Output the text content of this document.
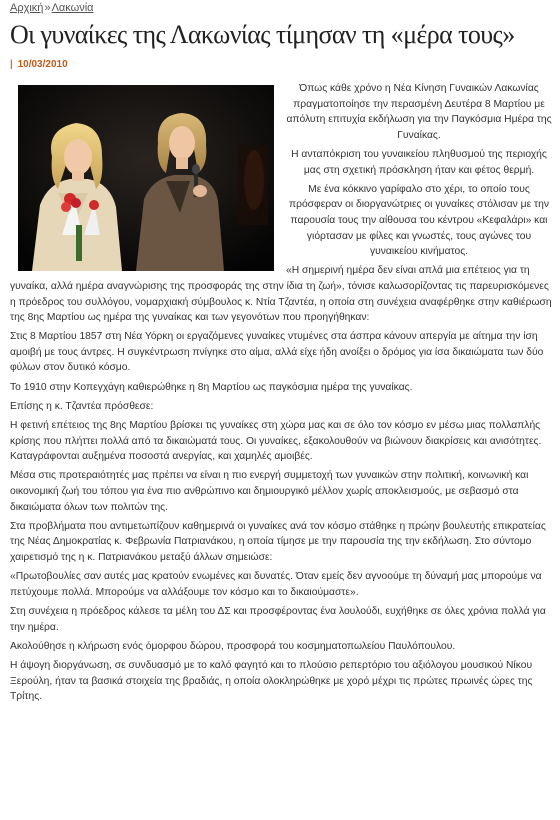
Αρχική»Λακωνία
Οι γυναίκες της Λακωνίας τίμησαν τη «μέρα τους»
| 10/03/2010

Όπως κάθε χρόνο η Νέα Κίνηση Γυναικών Λακωνίας πραγματοποίησε την περασμένη Δευτέρα 8 Μαρτίου με απόλυτη επιτυχία εκδήλωση για την Παγκόσμια Ημέρα της Γυναίκας.

Η ανταπόκριση του γυναικείου πληθυσμού της περιοχής μας στη σχετική πρόσκληση ήταν και φέτος θερμή.

Με ένα κόκκινο γαρίφαλο στο χέρι, το οποίο τους πρόσφεραν οι διοργανώτριες οι γυναίκες στόλισαν με την παρουσία τους την αίθουσα του κέντρου «Κεφαλάρι» και γιόρτασαν με φίλες και γνωστές, τους αγώνες του γυναικείου κινήματος.

«Η σημερινή ημέρα δεν είναι απλά μια επέτειος για τη γυναίκα, αλλά ημέρα αναγνώρισης της προσφοράς της στην ίδια τη ζωή», τόνισε καλωσορίζοντας τις παρευρισκόμενες η πρόεδρος του συλλόγου, νομαρχιακή σύμβουλος κ. Ντία Τζαντέα, η οποία στη συνέχεια αναφέρθηκε στην καθιέρωση της 8ης Μαρτίου ως ημέρα της γυναίκας και των γεγονότων που προηγήθηκαν:

Στις 8 Μαρτίου 1857 στη Νέα Υόρκη οι εργαζόμενες γυναίκες ντυμένες στα άσπρα κάνουν απεργία με αίτημα την ίση αμοιβή με τους άντρες. Η συγκέντρωση πνίγηκε στο αίμα, αλλά είχε ήδη ανοίξει ο δρόμος για ίσα δικαιώματα των δύο φύλων στον δυτικό κόσμο.

Το 1910 στην Κοπεγχάγη καθιερώθηκε η 8η Μαρτίου ως παγκόσμια ημέρα της γυναίκας.

Επίσης η κ. Τζαντέα πρόσθεσε:

Η φετινή επέτειος της 8ης Μαρτίου βρίσκει τις γυναίκες στη χώρα μας και σε όλο τον κόσμο εν μέσω μιας πολλαπλής κρίσης που πλήττει πολλά από τα δικαιώματά τους. Οι γυναίκες, εξακολουθούν να βιώνουν διακρίσεις και ανισότητες. Καταγράφονται αυξημένα ποσοστά ανεργίας, και χαμηλές αμοιβές.

Μέσα στις προτεραιότητές μας πρέπει να είναι η πιο ενεργή συμμετοχή των γυναικών στην πολιτική, κοινωνική και οικονομική ζωή του τόπου για ένα πιο ανθρώπινο και δημιουργικό μέλλον χωρίς αποκλεισμούς, με σεβασμό στα δικαιώματα όλων των πολιτών της.

Στα προβλήματα που αντιμετωπίζουν καθημερινά οι γυναίκες ανά τον κόσμο στάθηκε η πρώην βουλευτής επικρατείας της Νέας Δημοκρατίας κ. Φεβρωνία Πατριανάκου, η οποία τίμησε με την παρουσία της την εκδήλωση. Στο σύντομο χαιρετισμό της η κ. Πατριανάκου μεταξύ άλλων σημειώσε:

«Πρωτοβουλίες σαν αυτές μας κρατούν ενωμένες και δυνατές. Όταν εμείς δεν αγνοούμε τη δύναμή μας μπορούμε να πετύχουμε πολλά. Μπορούμε να αλλάξουμε τον κόσμο και το δικαιούμαστε».

Στη συνέχεια η πρόεδρος κάλεσε τα μέλη του ΔΣ και προσφέροντας ένα λουλούδι, ευχήθηκε σε όλες χρόνια πολλά για την ημέρα.

Ακολούθησε η κλήρωση ενός όμορφου δώρου, προσφορά του κοσμηματοπωλείου Παυλόπουλου.

Η άψογη διοργάνωση, σε συνδυασμό με το καλό φαγητό και το πλούσιο ρεπερτόριο του αξιόλογου μουσικού Νίκου Ξερούλη, ήταν τα βασικά στοιχεία της βραδιάς, η οποία ολοκληρώθηκε με χορό μέχρι τις πρώτες πρωινές ώρες της Τρίτης.
